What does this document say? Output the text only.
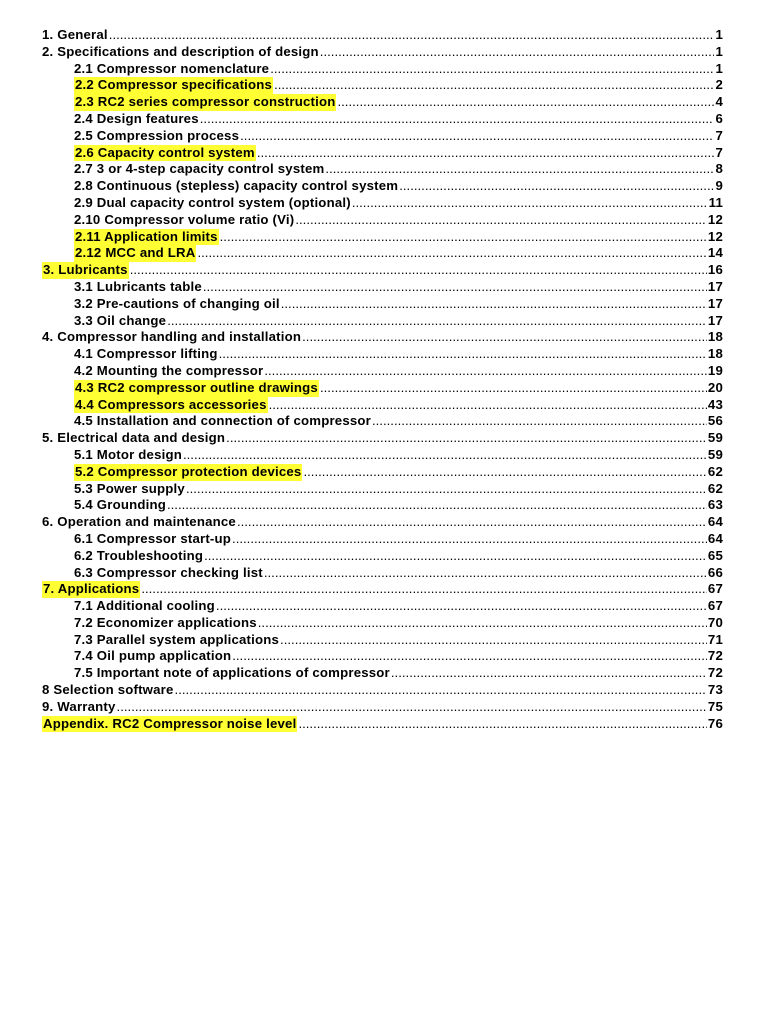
1. General .....	1
2. Specifications and description of design .....	1
2.1 Compressor nomenclature .....	1
2.2 Compressor specifications .....	2
2.3 RC2 series compressor construction .....	4
2.4 Design features .....	6
2.5 Compression process .....	7
2.6 Capacity control system .....	7
2.7 3 or 4-step capacity control system .....	8
2.8 Continuous (stepless) capacity control system .....	9
2.9 Dual capacity control system (optional) .....	11
2.10 Compressor volume ratio (Vi) .....	12
2.11 Application limits .....	12
2.12 MCC and LRA .....	14
3. Lubricants .....	16
3.1 Lubricants table .....	17
3.2 Pre-cautions of changing oil .....	17
3.3 Oil change .....	17
4. Compressor handling and installation .....	18
4.1 Compressor lifting .....	18
4.2 Mounting the compressor .....	19
4.3 RC2 compressor outline drawings .....	20
4.4 Compressors accessories .....	43
4.5 Installation and connection of compressor .....	56
5. Electrical data and design .....	59
5.1 Motor design .....	59
5.2 Compressor protection devices .....	62
5.3 Power supply .....	62
5.4 Grounding .....	63
6. Operation and maintenance .....	64
6.1 Compressor start-up .....	64
6.2 Troubleshooting .....	65
6.3 Compressor checking list .....	66
7. Applications .....	67
7.1 Additional cooling .....	67
7.2 Economizer applications .....	70
7.3 Parallel system applications .....	71
7.4 Oil pump application .....	72
7.5 Important note of applications of compressor .....	72
8 Selection software .....	73
9. Warranty .....	75
Appendix. RC2 Compressor noise level .....	76
